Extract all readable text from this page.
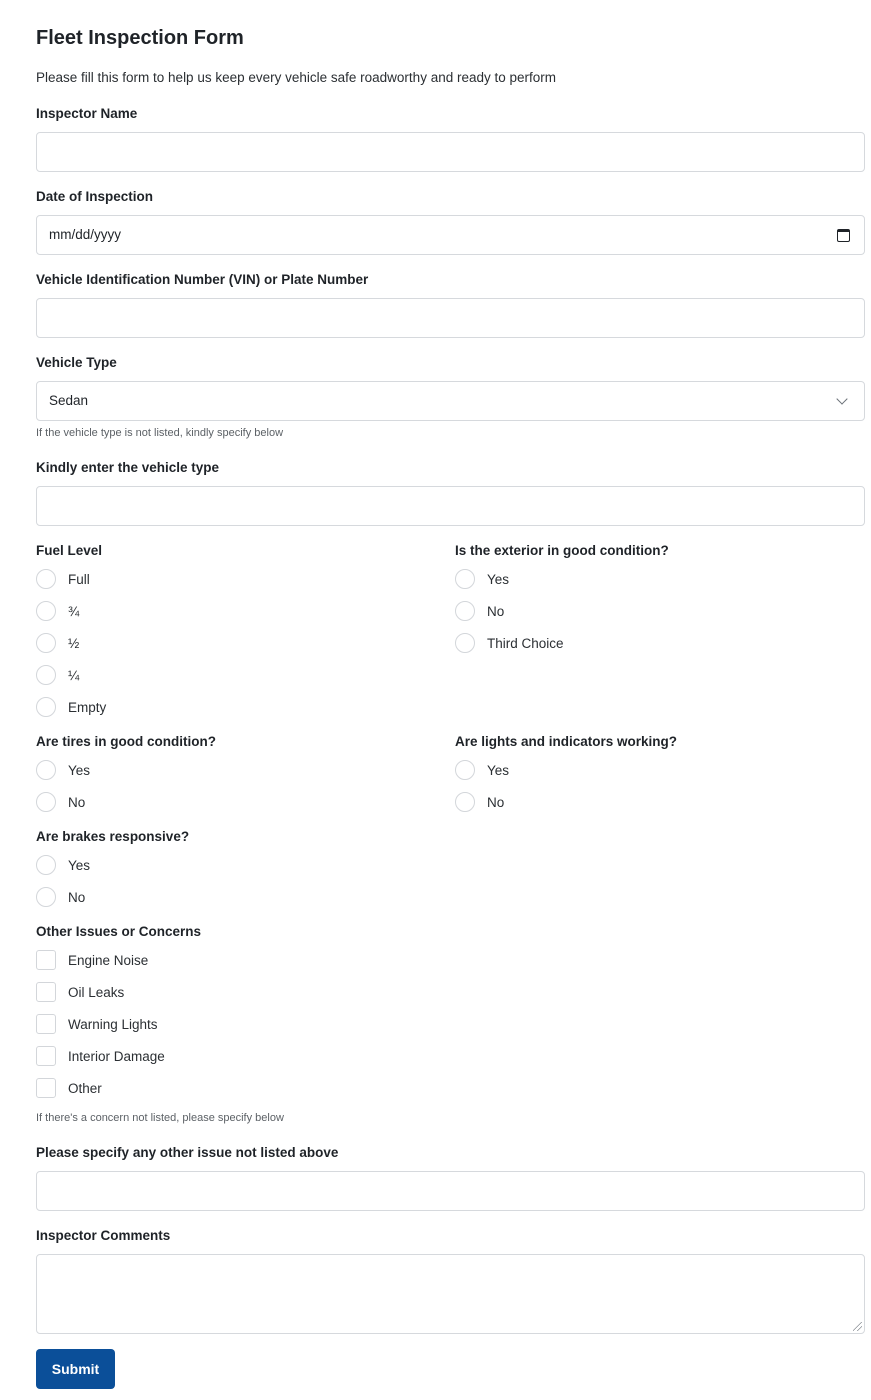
Fleet Inspection Form
Please fill this form to help us keep every vehicle safe roadworthy and ready to perform
Inspector Name
Date of Inspection
mm/dd/yyyy
Vehicle Identification Number (VIN) or Plate Number
Vehicle Type
Sedan
If the vehicle type is not listed, kindly specify below
Kindly enter the vehicle type
Fuel Level
Full
¾
½
¼
Empty
Is the exterior in good condition?
Yes
No
Third Choice
Are tires in good condition?
Yes
No
Are lights and indicators working?
Yes
No
Are brakes responsive?
Yes
No
Other Issues or Concerns
Engine Noise
Oil Leaks
Warning Lights
Interior Damage
Other
If there's a concern not listed, please specify below
Please specify any other issue not listed above
Inspector Comments
Submit
